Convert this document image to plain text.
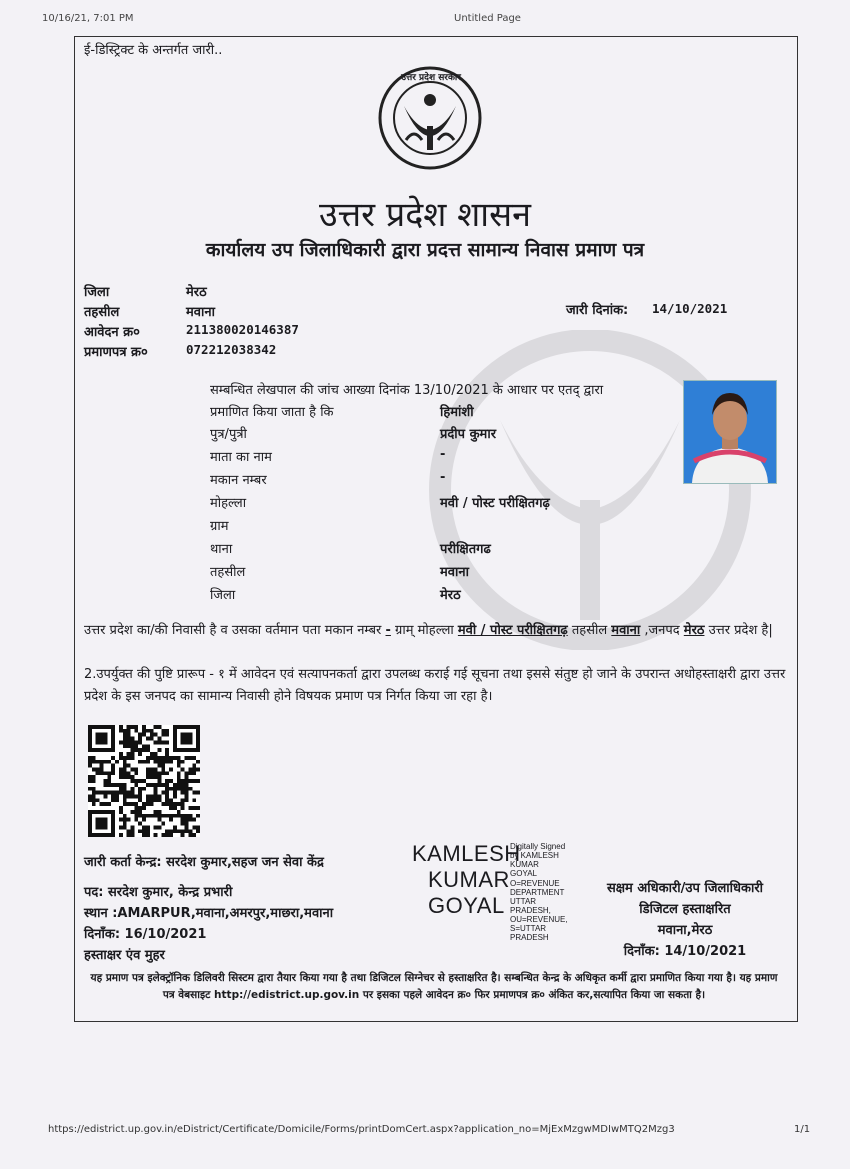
10/16/21, 7:01 PM	Untitled Page
ई-डिस्ट्रिक्ट के अन्तर्गत जारी..
उत्तर प्रदेश सरकार
उत्तर प्रदेश शासन
कार्यालय उप जिलाधिकारी द्वारा प्रदत्त सामान्य निवास प्रमाण पत्र
जिला	मेरठ
तहसील	मवाना
आवेदन क्र०	211380020146387
प्रमाणपत्र क्र०	072212038342
जारी दिनांक: 14/10/2021
सम्बन्धित लेखपाल की जांच आख्या दिनांक 13/10/2021 के आधार पर एतद् द्वारा
प्रमाणित किया जाता है कि	हिमांशी
पुत्र/पुत्री	प्रदीप कुमार
माता का नाम	-
मकान नम्बर	-
मोहल्ला	मवी / पोस्ट परीक्षितगढ़
ग्राम
थाना	परीक्षितगढ
तहसील	मवाना
जिला	मेरठ
उत्तर प्रदेश का/की निवासी है व उसका वर्तमान पता मकान नम्बर - ग्राम् मोहल्ला मवी / पोस्ट परीक्षितगढ़ तहसील मवाना ,जनपद मेरठ उत्तर प्रदेश है|
2.उपर्युक्त की पुष्टि प्रारूप - १ में आवेदन एवं सत्यापनकर्ता द्वारा उपलब्ध कराई गई सूचना तथा इससे संतुष्ट हो जाने के उपरान्त अधोहस्ताक्षरी द्वारा उत्तर प्रदेश के इस जनपद का सामान्य निवासी होने विषयक प्रमाण पत्र निर्गत किया जा रहा है।
जारी कर्ता केन्द्र: सरदेश कुमार,सहज जन सेवा केंद्र
पद: सरदेश कुमार, केन्द्र प्रभारी
स्थान :AMARPUR,मवाना,अमरपुर,माछरा,मवाना
दिनाँक: 16/10/2021
हस्ताक्षर एंव मुहर
KAMLESH
KUMAR
GOYAL
Digitally Signed
by KAMLESH
KUMAR
GOYAL
O=REVENUE
DEPARTMENT
UTTAR
PRADESH,
OU=REVENUE,
S=UTTAR
PRADESH
सक्षम अधिकारी/उप जिलाधिकारी
डिजिटल हस्ताक्षरित
मवाना,मेरठ
दिनाँक: 14/10/2021
यह प्रमाण पत्र इलेक्ट्रॉनिक डिलिवरी सिस्टम द्वारा तैयार किया गया है तथा डिजिटल सिग्नेचर से हस्ताक्षरित है। सम्बन्धित केन्द्र के अधिकृत कर्मी द्वारा प्रमाणित किया गया है। यह प्रमाण पत्र वेबसाइट http://edistrict.up.gov.in पर इसका पहले आवेदन क्र० फिर प्रमाणपत्र क्र० अंकित कर,सत्यापित किया जा सकता है।
https://edistrict.up.gov.in/eDistrict/Certificate/Domicile/Forms/printDomCert.aspx?application_no=MjExMzgwMDIwMTQ2Mzg3	1/1
